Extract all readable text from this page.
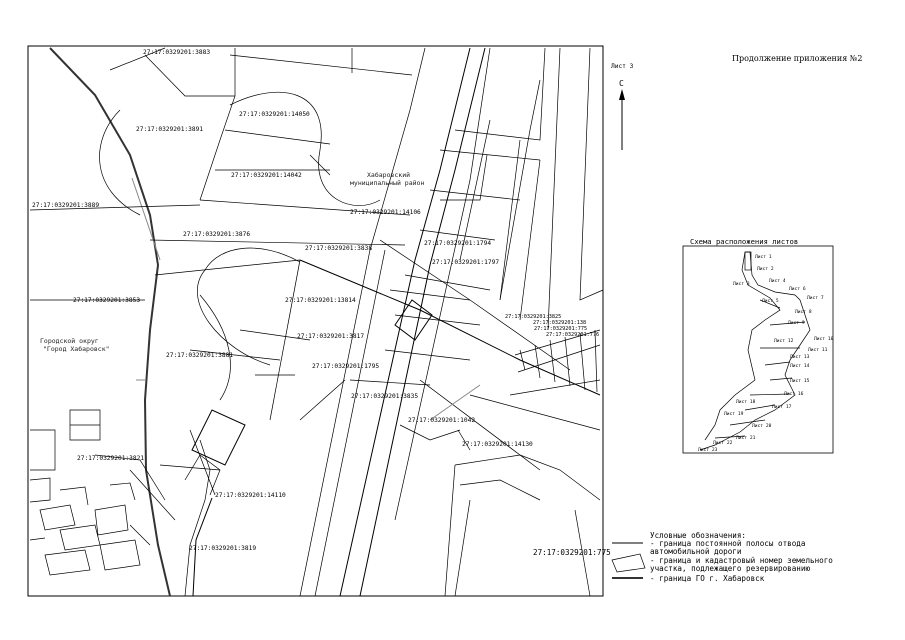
Продолжение приложения №2
Лист 3
С
27:17:0329201:3883
27:17:0329201:3891
27:17:0329201:14050
27:17:0329201:14042
27:17:0329201:3889
27:17:0329201:14106
27:17:0329201:3876
27:17:0329201:3838
27:17:0329201:1794
27:17:0329201:1797
27:17:0329201:3853	27:17:0329201:13814
27:17:0329201:3825
27:17:0329201:138
27:17:0329201:775
27:17:0329201:776
27:17:0329201:3817
27:17:0329201:3881
27:17:0329201:1795
27:17:0329201:3835
27:17:0329201:1042
27:17:0329201:14130
27:17:0329201:3821
27:17:0329201:14110
27:17:0329201:3819
Хабаровский
муниципальный район
Городской округ
"Город Хабаровск"
Условные обозначения:
- граница постоянной полосы отвода
автомобильной дороги
27:17:0329201:775
- граница и кадастровый номер земельного
участка, подлежащего резервированию
- граница ГО г. Хабаровск
Схема расположения листов
Лист 1
Лист 2
Лист 3
Лист 4
Лист 5
Лист 6
Лист 7
Лист 8
Лист 9
Лист 10
Лист 11
Лист 12
Лист 13
Лист 14
Лист 15
Лист 16
Лист 17
Лист 18
Лист 19
Лист 20
Лист 21
Лист 22
Лист 23
